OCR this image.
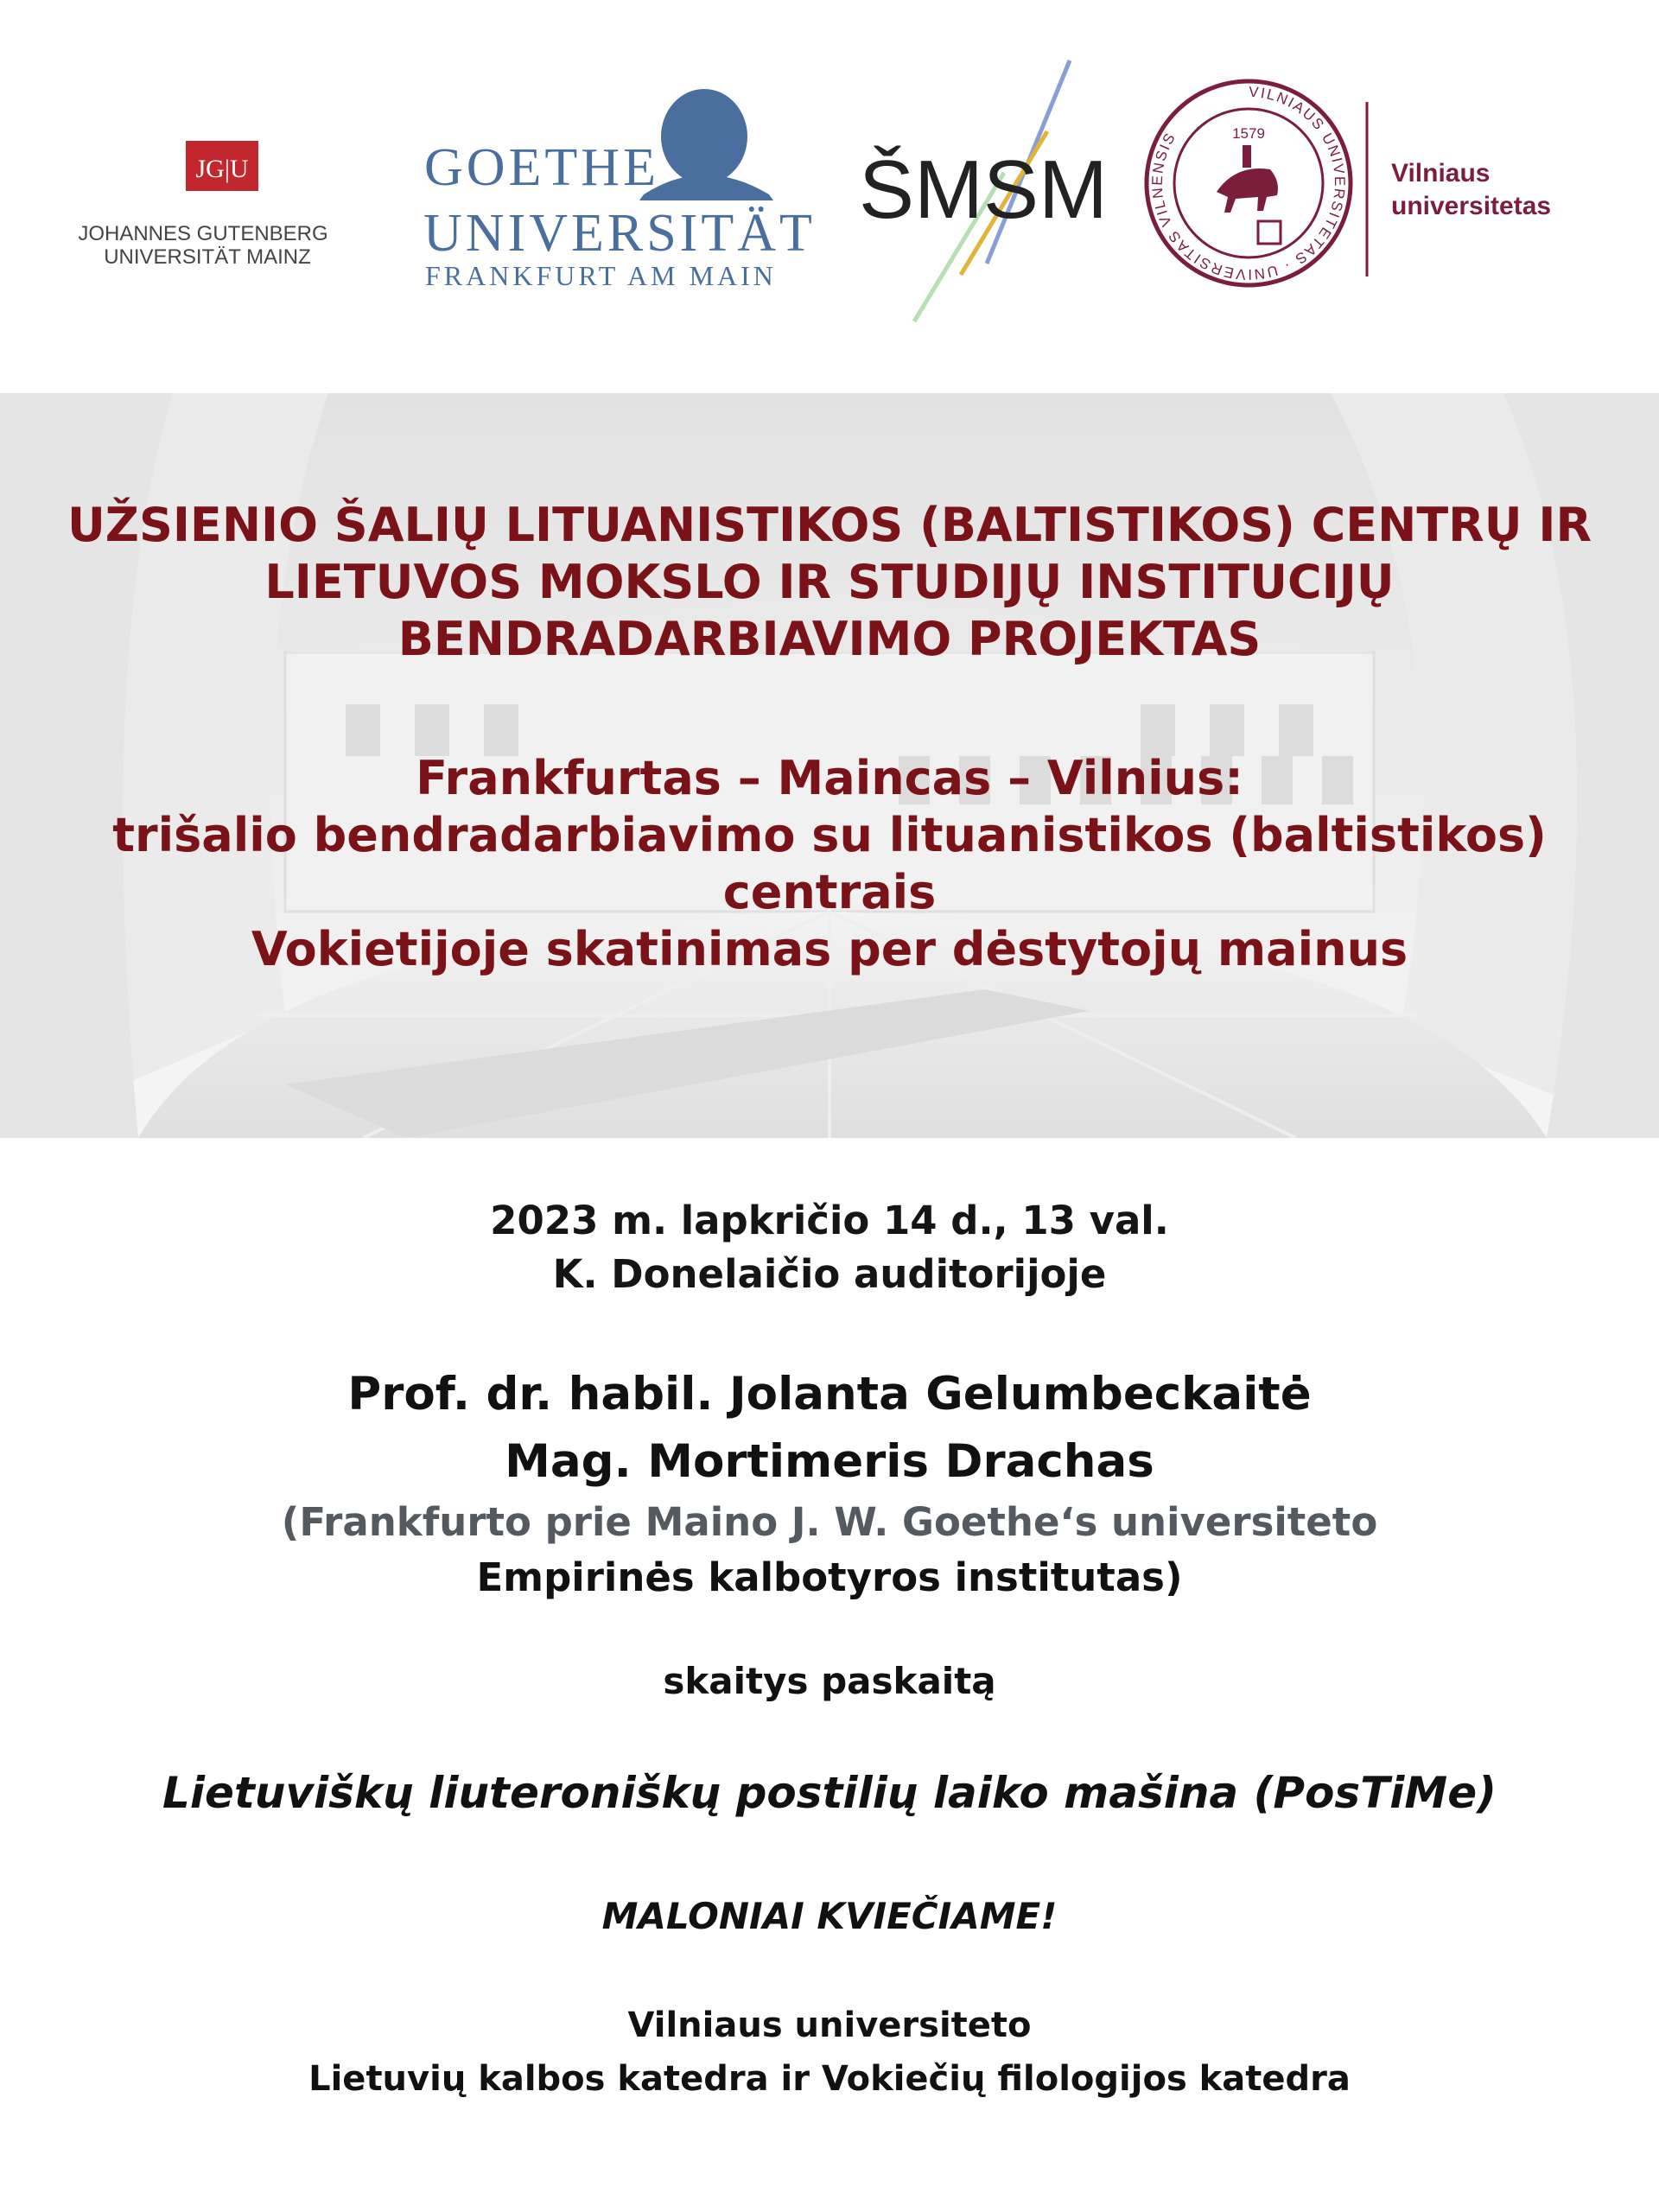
JG|U
JOHANNES GUTENBERG
UNIVERSITÄT MAINZ
GOETHE
UNIVERSITÄT
FRANKFURT AM MAIN
ŠMSM
VILNIAUS UNIVERSITETAS · UNIVERSITAS VILNENSIS	1579
Vilniaus
universitetas
UŽSIENIO ŠALIŲ LITUANISTIKOS (BALTISTIKOS) CENTRŲ IR
LIETUVOS MOKSLO IR STUDIJŲ INSTITUCIJŲ
BENDRADARBIAVIMO PROJEKTAS
Frankfurtas – Maincas – Vilnius:
trišalio bendradarbiavimo su lituanistikos (baltistikos) centrais
Vokietijoje skatinimas per dėstytojų mainus

2023 m. lapkričio 14 d., 13 val.

K. Donelaičio auditorijoje

Prof. dr. habil. Jolanta Gelumbeckaitė

Mag. Mortimeris Drachas

(Frankfurto prie Maino J. W. Goethe‘s universiteto

Empirinės kalbotyros institutas)

skaitys paskaitą

Lietuviškų liuteroniškų postilių laiko mašina (PosTiMe)

MALONIAI KVIEČIAME!

Vilniaus universiteto

Lietuvių kalbos katedra ir Vokiečių filologijos katedra
